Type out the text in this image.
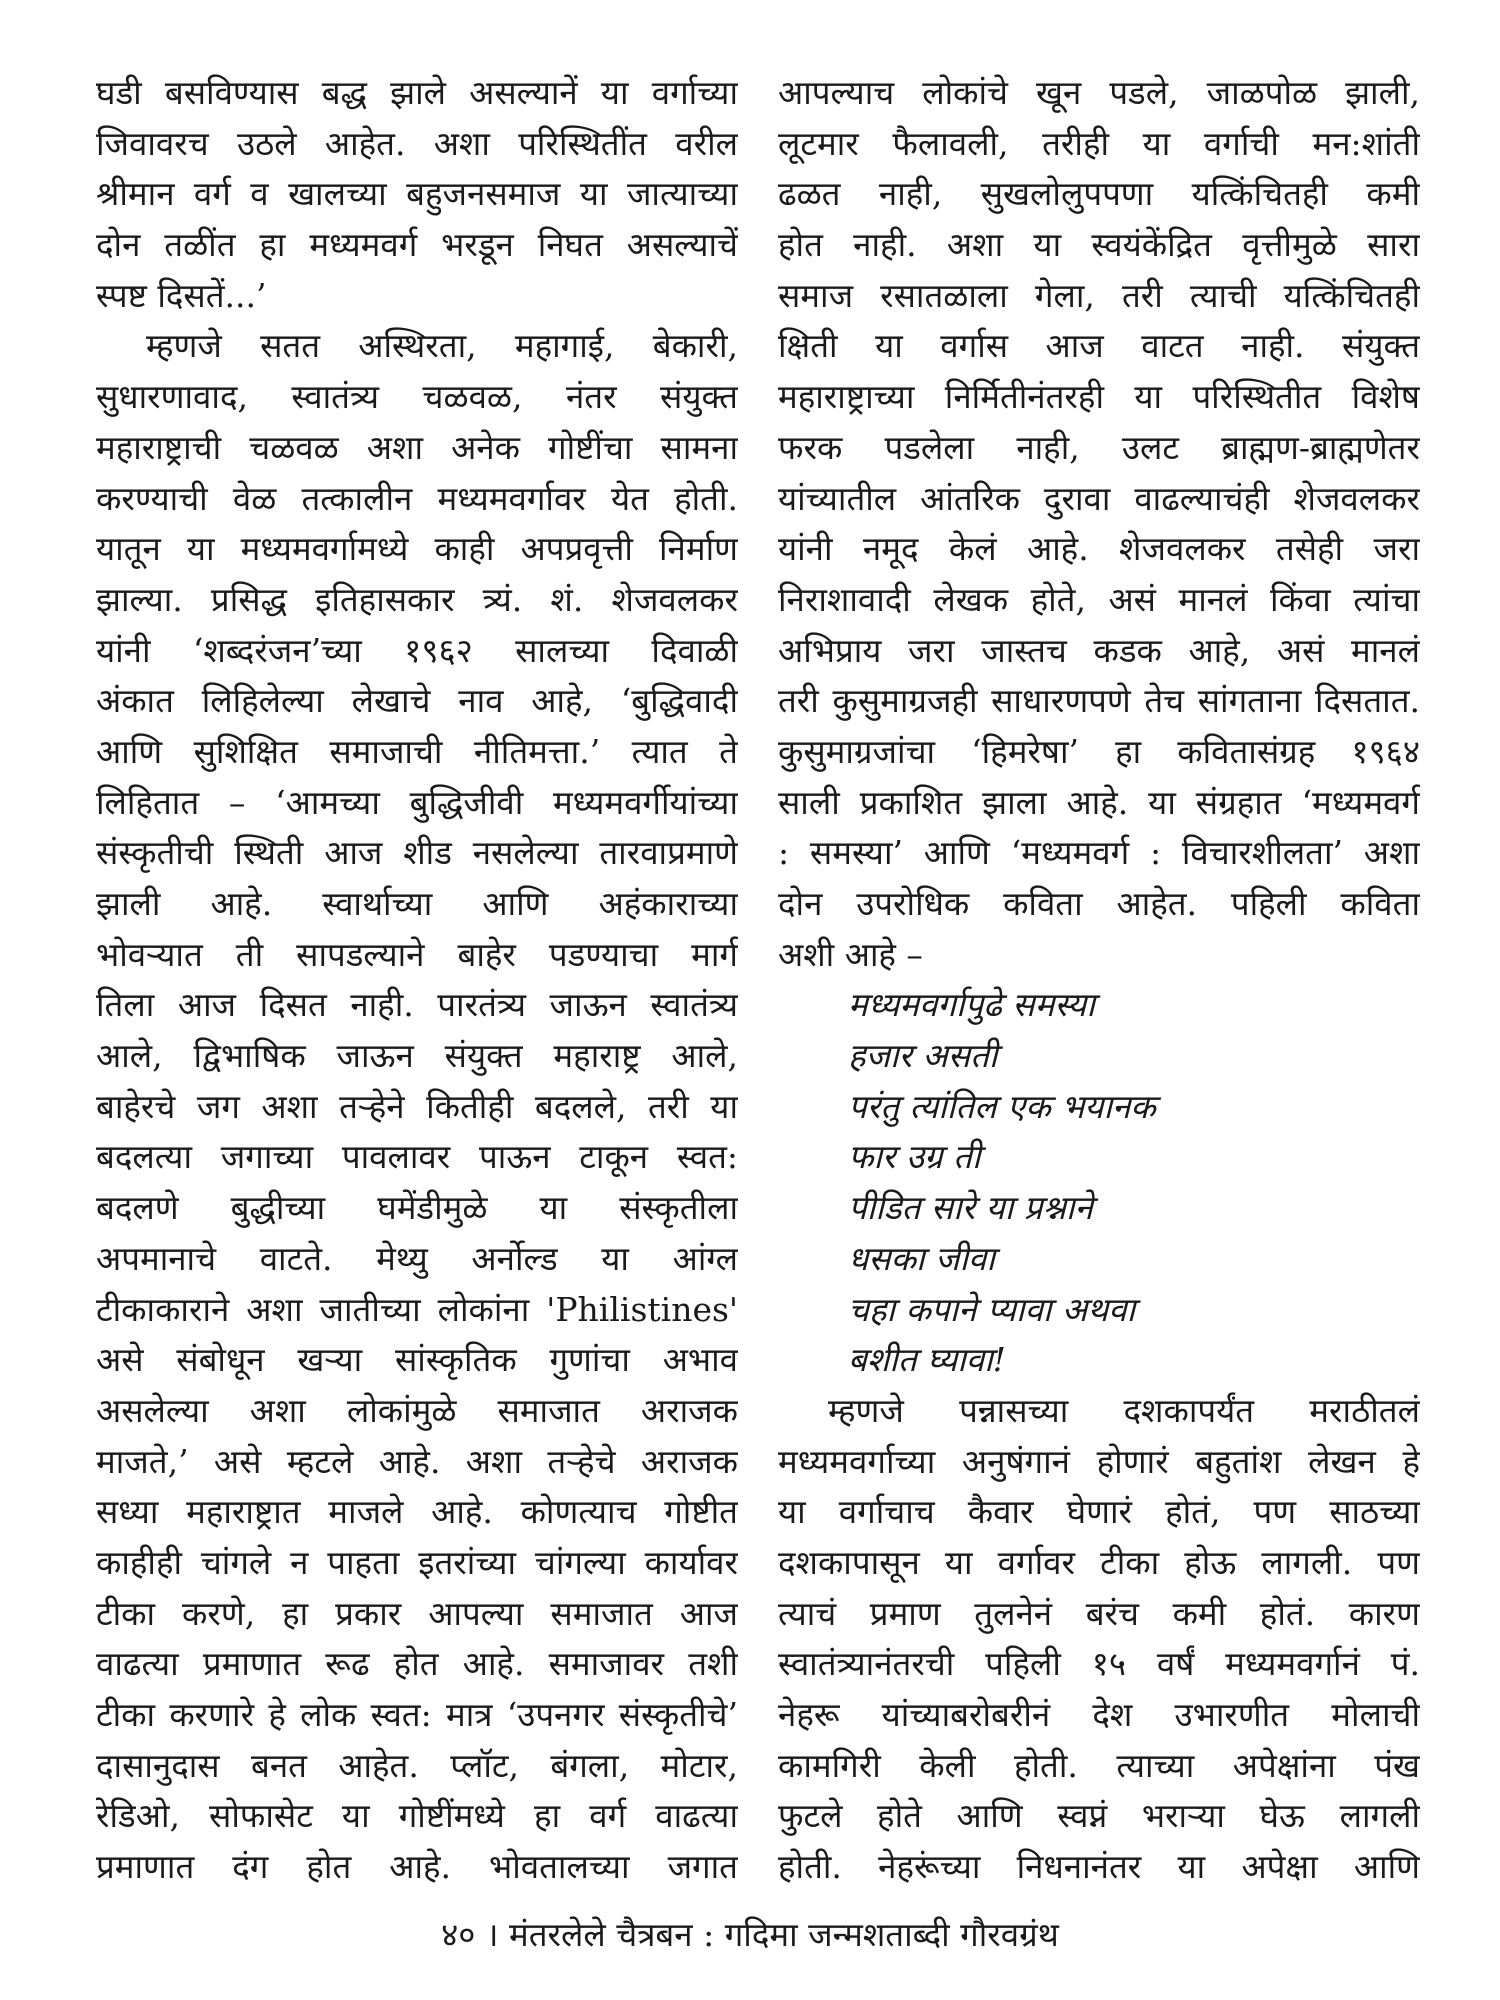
घडी बसविण्यास बद्ध झाले असल्यानें या वर्गाच्या
जिवावरच उठले आहेत. अशा परिस्थितींत वरील
श्रीमान वर्ग व खालच्या बहुजनसमाज या जात्याच्या
दोन तळींत हा मध्यमवर्ग भरडून निघत असल्याचें
स्पष्ट दिसतें...’
म्हणजे सतत अस्थिरता, महागाई, बेकारी,
सुधारणावाद, स्वातंत्र्य चळवळ, नंतर संयुक्त
महाराष्ट्राची चळवळ अशा अनेक गोष्टींचा सामना
करण्याची वेळ तत्कालीन मध्यमवर्गावर येत होती.
यातून या मध्यमवर्गामध्ये काही अपप्रवृत्ती निर्माण
झाल्या. प्रसिद्ध इतिहासकार त्र्यं. शं. शेजवलकर
यांनी ‘शब्दरंजन’च्या १९६२ सालच्या दिवाळी
अंकात लिहिलेल्या लेखाचे नाव आहे, ‘बुद्धिवादी
आणि सुशिक्षित समाजाची नीतिमत्ता.’ त्यात ते
लिहितात – ‘आमच्या बुद्धिजीवी मध्यमवर्गीयांच्या
संस्कृतीची स्थिती आज शीड नसलेल्या तारवाप्रमाणे
झाली आहे. स्वार्थाच्या आणि अहंकाराच्या
भोवऱ्यात ती सापडल्याने बाहेर पडण्याचा मार्ग
तिला आज दिसत नाही. पारतंत्र्य जाऊन स्वातंत्र्य
आले, द्विभाषिक जाऊन संयुक्त महाराष्ट्र आले,
बाहेरचे जग अशा तऱ्हेने कितीही बदलले, तरी या
बदलत्या जगाच्या पावलावर पाऊन टाकून स्वत:
बदलणे बुद्धीच्या घमेंडीमुळे या संस्कृतीला
अपमानाचे वाटते. मेथ्यु अर्नोल्ड या आंग्ल
टीकाकाराने अशा जातीच्या लोकांना 'Philistines'
असे संबोधून खऱ्या सांस्कृतिक गुणांचा अभाव
असलेल्या अशा लोकांमुळे समाजात अराजक
माजते,’ असे म्हटले आहे. अशा तऱ्हेचे अराजक
सध्या महाराष्ट्रात माजले आहे. कोणत्याच गोष्टीत
काहीही चांगले न पाहता इतरांच्या चांगल्या कार्यावर
टीका करणे, हा प्रकार आपल्या समाजात आज
वाढत्या प्रमाणात रूढ होत आहे. समाजावर तशी
टीका करणारे हे लोक स्वत: मात्र ‘उपनगर संस्कृतीचे’
दासानुदास बनत आहेत. प्लॉट, बंगला, मोटार,
रेडिओ, सोफासेट या गोष्टींमध्ये हा वर्ग वाढत्या
प्रमाणात दंग होत आहे. भोवतालच्या जगात
आपल्याच लोकांचे खून पडले, जाळपोळ झाली,
लूटमार फैलावली, तरीही या वर्गाची मन:शांती
ढळत नाही, सुखलोलुपपणा यत्किंचितही कमी
होत नाही. अशा या स्वयंकेंद्रित वृत्तीमुळे सारा
समाज रसातळाला गेला, तरी त्याची यत्किंचितही
क्षिती या वर्गास आज वाटत नाही. संयुक्त
महाराष्ट्राच्या निर्मितीनंतरही या परिस्थितीत विशेष
फरक पडलेला नाही, उलट ब्राह्मण-ब्राह्मणेतर
यांच्यातील आंतरिक दुरावा वाढल्याचंही शेजवलकर
यांनी नमूद केलं आहे. शेजवलकर तसेही जरा
निराशावादी लेखक होते, असं मानलं किंवा त्यांचा
अभिप्राय जरा जास्तच कडक आहे, असं मानलं
तरी कुसुमाग्रजही साधारणपणे तेच सांगताना दिसतात.
कुसुमाग्रजांचा ‘हिमरेषा’ हा कवितासंग्रह १९६४
साली प्रकाशित झाला आहे. या संग्रहात ‘मध्यमवर्ग
: समस्या’ आणि ‘मध्यमवर्ग : विचारशीलता’ अशा
दोन उपरोधिक कविता आहेत. पहिली कविता
अशी आहे –
मध्यमवर्गापुढे समस्या
हजार असती
परंतु त्यांतिल एक भयानक
फार उग्र ती
पीडित सारे या प्रश्नाने
धसका जीवा
चहा कपाने प्यावा अथवा
बशीत घ्यावा!
म्हणजे पन्नासच्या दशकापर्यंत मराठीतलं
मध्यमवर्गाच्या अनुषंगानं होणारं बहुतांश लेखन हे
या वर्गाचाच कैवार घेणारं होतं, पण साठच्या
दशकापासून या वर्गावर टीका होऊ लागली. पण
त्याचं प्रमाण तुलनेनं बरंच कमी होतं. कारण
स्वातंत्र्यानंतरची पहिली १५ वर्षं मध्यमवर्गानं पं.
नेहरू यांच्याबरोबरीनं देश उभारणीत मोलाची
कामगिरी केली होती. त्याच्या अपेक्षांना पंख
फुटले होते आणि स्वप्नं भराऱ्या घेऊ लागली
होती. नेहरूंच्या निधनानंतर या अपेक्षा आणि
४० । मंतरलेले चैत्रबन : गदिमा जन्मशताब्दी गौरवग्रंथ
